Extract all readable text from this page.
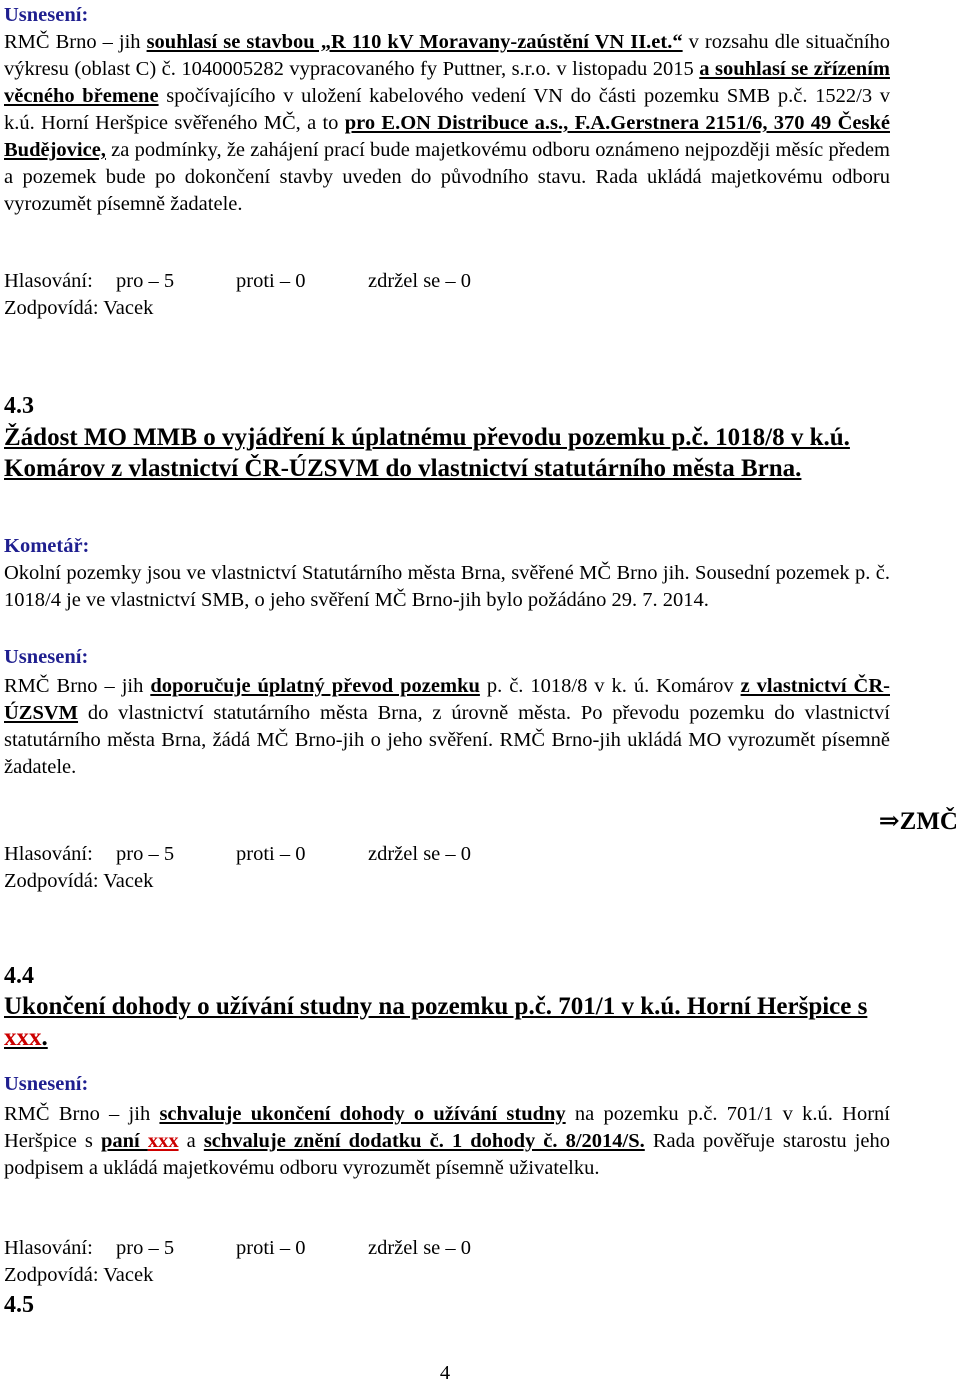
Usnesení:
RMČ Brno – jih souhlasí se stavbou „R 110 kV Moravany-zaústění VN II.et.“ v rozsahu dle situačního výkresu (oblast C) č. 1040005282 vypracovaného fy Puttner, s.r.o. v listopadu 2015 a souhlasí se zřízením věcného břemene spočívajícího v uložení kabelového vedení VN do části pozemku SMB p.č. 1522/3 v k.ú. Horní Heršpice svěřeného MČ, a to pro E.ON Distribuce a.s., F.A.Gerstnera 2151/6, 370 49 České Budějovice, za podmínky, že zahájení prací bude majetkovému odboru oznámeno nejpozději měsíc předem a pozemek bude po dokončení stavby uveden do původního stavu. Rada ukládá majetkovému odboru vyrozumět písemně žadatele.
Hlasování: pro – 5	proti – 0	zdržel se – 0
Zodpovídá: Vacek
4.3
Žádost MO MMB o vyjádření k úplatnému převodu pozemku p.č. 1018/8 v k.ú. Komárov z vlastnictví ČR-ÚZSVM do vlastnictví statutárního města Brna.
Kometář:
Okolní pozemky jsou ve vlastnictví Statutárního města Brna, svěřené MČ Brno jih. Sousední pozemek p. č. 1018/4 je ve vlastnictví SMB, o jeho svěření MČ Brno-jih bylo požádáno 29. 7. 2014.
Usnesení:
RMČ Brno – jih doporučuje úplatný převod pozemku p. č. 1018/8 v k. ú. Komárov z vlastnictví ČR-ÚZSVM do vlastnictví statutárního města Brna, z úrovně města. Po převodu pozemku do vlastnictví statutárního města Brna, žádá MČ Brno-jih o jeho svěření. RMČ Brno-jih ukládá MO vyrozumět písemně žadatele.
⇒ZMČ
Hlasování: pro – 5	proti – 0	zdržel se – 0
Zodpovídá: Vacek
4.4
Ukončení dohody o užívání studny na pozemku p.č. 701/1 v k.ú. Horní Heršpice s xxx.
Usnesení:
RMČ Brno – jih schvaluje ukončení dohody o užívání studny na pozemku p.č. 701/1 v k.ú. Horní Heršpice s paní xxx a schvaluje znění dodatku č. 1 dohody č. 8/2014/S. Rada pověřuje starostu jeho podpisem a ukládá majetkovému odboru vyrozumět písemně uživatelku.
Hlasování: pro – 5	proti – 0	zdržel se – 0
Zodpovídá: Vacek
4.5
4
